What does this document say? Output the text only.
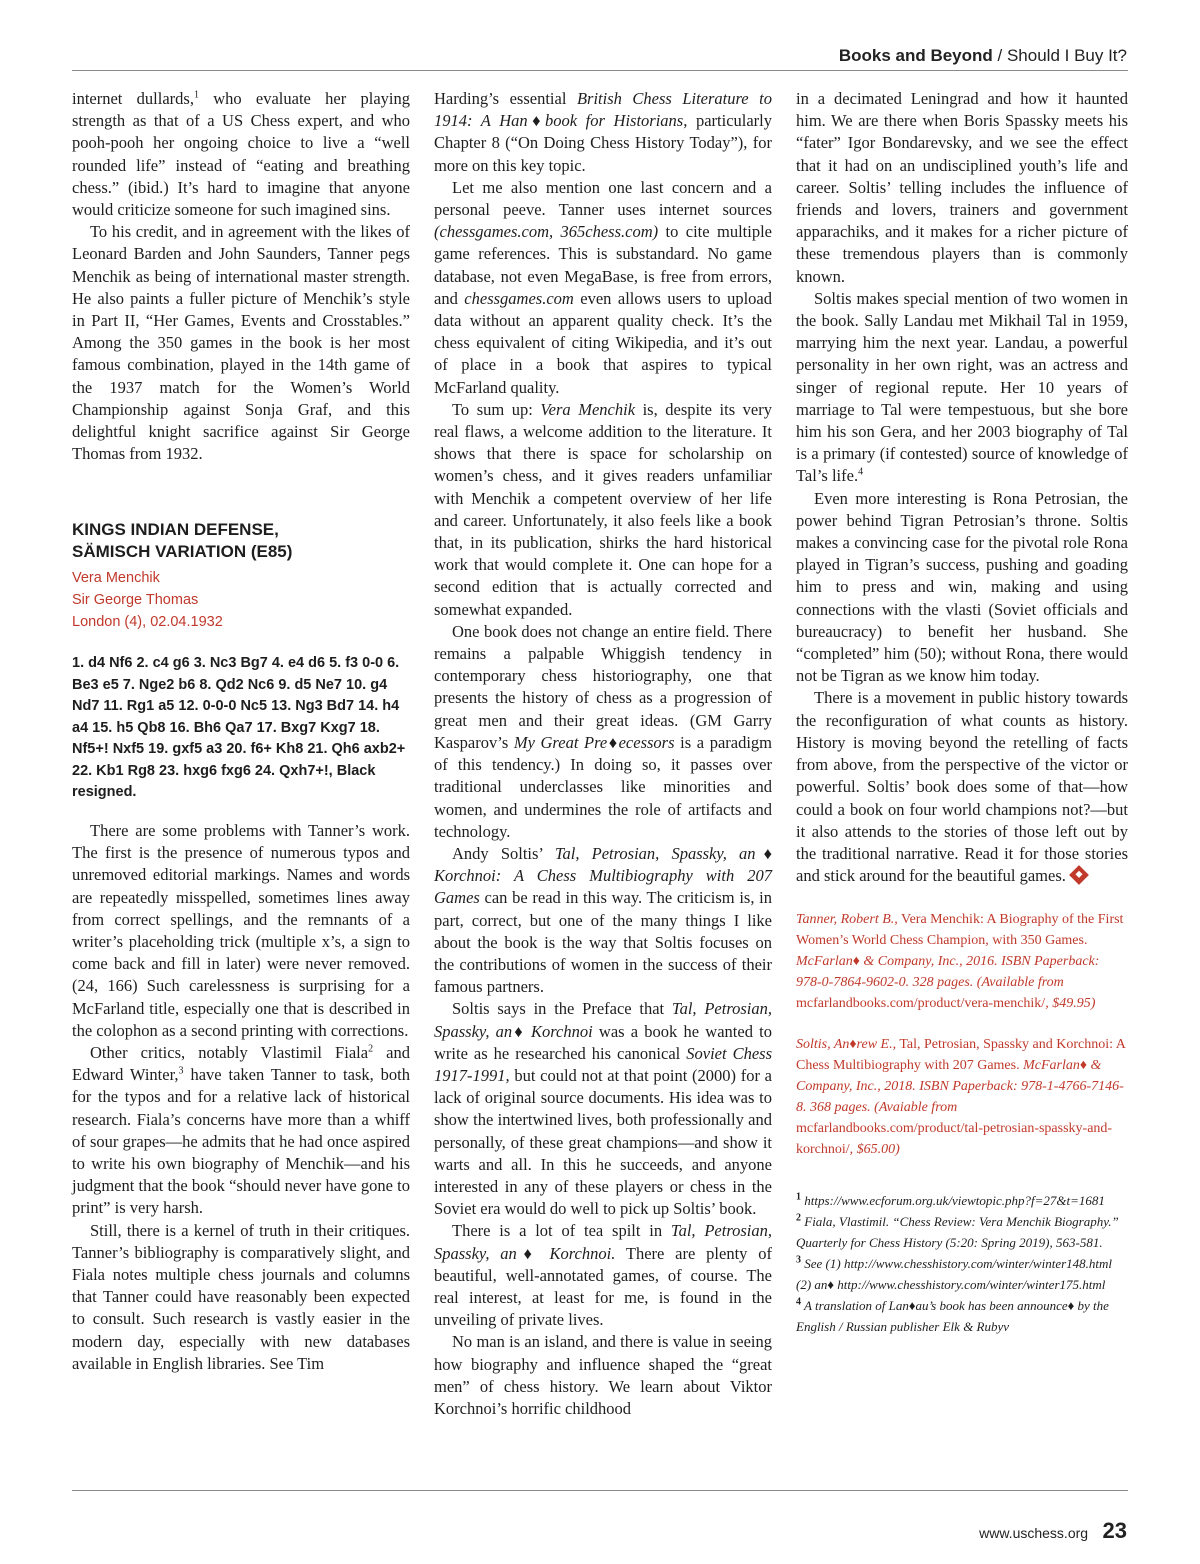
Books and Beyond / Should I Buy It?

internet dullards,$^1$ who evaluate her playing strength as that of a US Chess expert, and who pooh-pooh her ongoing choice to live a “well rounded life” instead of “eating and breathing chess.” (ibid.) It’s hard to imagine that anyone would criticize someone for such imagined sins.

To his credit, and in agreement with the likes of Leonard Barden and John Saunders, Tanner pegs Menchik as being of international master strength. He also paints a fuller picture of Menchik’s style in Part II, “Her Games, Events and Crosstables.” Among the 350 games in the book is her most famous combination, played in the 14th game of the 1937 match for the Women’s World Championship against Sonja Graf, and this delightful knight sacrifice against Sir George Thomas from 1932.

KINGS INDIAN DEFENSE,
SÄMISCH VARIATION (E85)
Vera Menchik
Sir George Thomas
London (4), 02.04.1932
1. d4 Nf6 2. c4 g6 3. Nc3 Bg7 4. e4 d6 5. f3 0-0 6. Be3 e5 7. Nge2 b6 8. Qd2 Nc6 9. d5 Ne7 10. g4 Nd7 11. Rg1 a5 12. 0-0-0 Nc5 13. Ng3 Bd7 14. h4 a4 15. h5 Qb8 16. Bh6 Qa7 17. Bxg7 Kxg7 18. Nf5+! Nxf5 19. gxf5 a3 20. f6+ Kh8 21. Qh6 axb2+ 22. Kb1 Rg8 23. hxg6 fxg6 24. Qxh7+!, Black resigned.

There are some problems with Tanner’s work. The first is the presence of numerous typos and unremoved editorial markings. Names and words are repeatedly misspelled, sometimes lines away from correct spellings, and the remnants of a writer’s placeholding trick (multiple x’s, a sign to come back and fill in later) were never removed. (24, 166) Such carelessness is surprising for a McFarland title, especially one that is described in the colophon as a second printing with corrections.

Other critics, notably Vlastimil Fiala$^2$ and Edward Winter,$^3$ have taken Tanner to task, both for the typos and for a relative lack of historical research. Fiala’s concerns have more than a whiff of sour grapes—he admits that he had once aspired to write his own biography of Menchik—and his judgment that the book “should never have gone to print” is very harsh.

Still, there is a kernel of truth in their critiques. Tanner’s bibliography is comparatively slight, and Fiala notes multiple chess journals and columns that Tanner could have reasonably been expected to consult. Such research is vastly easier in the modern day, especially with new databases available in English libraries. See Tim

Harding’s essential British Chess Literature to 1914: A Han♦book for Historians, particularly Chapter 8 (“On Doing Chess History Today”), for more on this key topic.

Let me also mention one last concern and a personal peeve. Tanner uses internet sources (chessgames.com, 365chess.com) to cite multiple game references. This is substandard. No game database, not even MegaBase, is free from errors, and chessgames.com even allows users to upload data without an apparent quality check. It’s the chess equivalent of citing Wikipedia, and it’s out of place in a book that aspires to typical McFarland quality.

To sum up: Vera Menchik is, despite its very real flaws, a welcome addition to the literature. It shows that there is space for scholarship on women’s chess, and it gives readers unfamiliar with Menchik a competent overview of her life and career. Unfortunately, it also feels like a book that, in its publication, shirks the hard historical work that would complete it. One can hope for a second edition that is actually corrected and somewhat expanded.

One book does not change an entire field. There remains a palpable Whiggish tendency in contemporary chess historiography, one that presents the history of chess as a progression of great men and their great ideas. (GM Garry Kasparov’s My Great Pre♦ecessors is a paradigm of this tendency.) In doing so, it passes over traditional underclasses like minorities and women, and undermines the role of artifacts and technology.

Andy Soltis’ Tal, Petrosian, Spassky, an♦ Korchnoi: A Chess Multibiography with 207 Games can be read in this way. The criticism is, in part, correct, but one of the many things I like about the book is the way that Soltis focuses on the contributions of women in the success of their famous partners.

Soltis says in the Preface that Tal, Petrosian, Spassky, an♦ Korchnoi was a book he wanted to write as he researched his canonical Soviet Chess 1917-1991, but could not at that point (2000) for a lack of original source documents. His idea was to show the intertwined lives, both professionally and personally, of these great champions—and show it warts and all. In this he succeeds, and anyone interested in any of these players or chess in the Soviet era would do well to pick up Soltis’ book.

There is a lot of tea spilt in Tal, Petrosian, Spassky, an♦ Korchnoi. There are plenty of beautiful, well-annotated games, of course. The real interest, at least for me, is found in the unveiling of private lives.

No man is an island, and there is value in seeing how biography and influence shaped the “great men” of chess history. We learn about Viktor Korchnoi’s horrific childhood

in a decimated Leningrad and how it haunted him. We are there when Boris Spassky meets his “fater” Igor Bondarevsky, and we see the effect that it had on an undisciplined youth’s life and career. Soltis’ telling includes the influence of friends and lovers, trainers and government apparachiks, and it makes for a richer picture of these tremendous players than is commonly known.

Soltis makes special mention of two women in the book. Sally Landau met Mikhail Tal in 1959, marrying him the next year. Landau, a powerful personality in her own right, was an actress and singer of regional repute. Her 10 years of marriage to Tal were tempestuous, but she bore him his son Gera, and her 2003 biography of Tal is a primary (if contested) source of knowledge of Tal’s life.$^4$

Even more interesting is Rona Petrosian, the power behind Tigran Petrosian’s throne. Soltis makes a convincing case for the pivotal role Rona played in Tigran’s success, pushing and goading him to press and win, making and using connections with the vlasti (Soviet officials and bureaucracy) to benefit her husband. She “completed” him (50); without Rona, there would not be Tigran as we know him today.

There is a movement in public history towards the reconfiguration of what counts as history. History is moving beyond the retelling of facts from above, from the perspective of the victor or powerful. Soltis’ book does some of that—how could a book on four world champions not?—but it also attends to the stories of those left out by the traditional narrative. Read it for those stories and stick around for the beautiful games.

Tanner, Robert B., Vera Menchik: A Biography of the First Women’s World Chess Champion, with 350 Games. McFarlan♦ & Company, Inc., 2016. ISBN Paperback: 978-0-7864-9602-0. 328 pages. (Available from mcfarlandbooks.com/product/vera-menchik/, $49.95)
Soltis, An♦rew E., Tal, Petrosian, Spassky and Korchnoi: A Chess Multibiography with 207 Games. McFarlan♦ & Company, Inc., 2018. ISBN Paperback: 978-1-4766-7146-8. 368 pages. (Avaiable from mcfarlandbooks.com/product/tal-petrosian-spassky-and-korchnoi/, $65.00)
$^1$ https://www.ecforum.org.uk/viewtopic.php?f=27&t=1681
$^2$ Fiala, Vlastimil. “Chess Review: Vera Menchik Biography.” Quarterly for Chess History (5:20: Spring 2019), 563-581.
$^3$ See (1) http://www.chesshistory.com/winter/winter148.html (2) an♦ http://www.chesshistory.com/winter/winter175.html
$^4$ A translation of Lan♦au’s book has been announce♦ by the English / Russian publisher Elk & Rubyv
www.uschess.org 23
